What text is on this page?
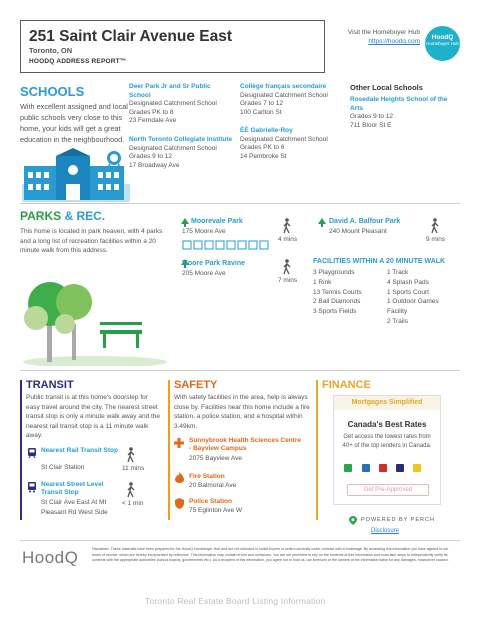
251 Saint Clair Avenue East
Toronto, ON
HOODQ ADDRESS REPORT™
Visit the Homebuyer Hub
https://hoodq.com
HoodQ
Homebuyer Hub
SCHOOLS
With excellent assigned and local public schools very close to this home, your kids will get a great education in the neighbourhood.
Deer Park Jr and Sr Public School
Designated Catchment School
Grades PK to 8
23 Ferndale Ave
North Toronto Collegiate Institute
Designated Catchment School
Grades 9 to 12
17 Broadway Ave
Collège français secondaire
Designated Catchment School
Grades 7 to 12
100 Carlton St
ÉÉ Gabrielle-Roy
Designated Catchment School
Grades PK to 6
14 Pembroke St
Other Local Schools
Rosedale Heights School of the Arts
Grades 9 to 12
711 Bloor St E
PARKS & REC.
This home is located in park heaven, with 4 parks and a long list of recreation facilities within a 20 minute walk from this address.
Moorevale Park
175 Moore Ave
4 mins
David A. Balfour Park
240 Mount Pleasant
9 mins
Moore Park Ravine
205 Moore Ave
7 mins
FACILITIES WITHIN A 20 MINUTE WALK
3 Playgrounds
1 Rink
13 Tennis Courts
2 Ball Diamonds
3 Sports Fields
1 Track
4 Splash Pads
1 Sports Court
1 Outdoor Games Facility
2 Trails
TRANSIT
Public transit is at this home's doorstep for easy travel around the city. The nearest street transit stop is only a minute walk away and the nearest rail transit stop is a 11 minute walk away.
Nearest Rail Transit Stop
St Clair Station	11 mins
Nearest Street Level Transit Stop
St Clair Ave East At Mt Pleasant Rd West Side
< 1 min
SAFETY
With safety facilities in the area, help is always close by. Facilities near this home include a fire station, a police station, and a hospital within 3.49km.
Sunnybrook Health Sciences Centre - Bayview Campus
2075 Bayview Ave
Fire Station
20 Balmoral Ave
Police Station
75 Eglinton Ave W
FINANCE
Mortgages Simplified
Canada's Best Rates
Get access the lowest rates from 40+ of the top lenders in Canada.
Get Pre-Approved
POWERED BY PERCH
Disclosure
HoodQ	Disclaimer: These materials have been prepared for the HoodQ Homebuyer Hub and are not intended to solicit buyers or sellers currently under contract with a brokerage. By accessing this information you have agreed to our terms of service, which are hereby incorporated by reference. This information may contain errors and omissions. You are not permitted to rely on the contents of this information and must take steps to independently verify its contents with the appropriate authorities (school boards, governments etc.). As a recipient of this information, you agree not to hold us, our licensors or the owners of the information liable for any damages, howsoever caused.
Toronto Real Estate Board Listing Information
